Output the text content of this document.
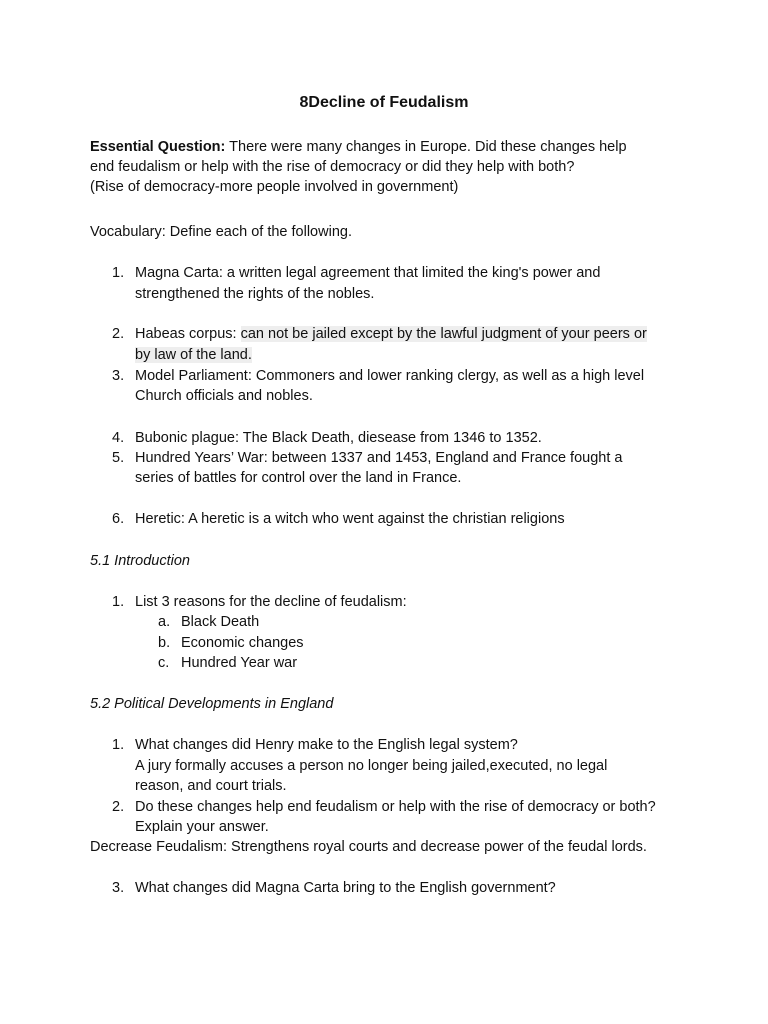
8Decline of Feudalism
Essential Question: There were many changes in Europe. Did these changes help
end feudalism or help with the rise of democracy or did they help with both?
(Rise of democracy-more people involved in government)
Vocabulary: Define each of the following.
1. Magna Carta: a written legal agreement that limited the king's power and
strengthened the rights of the nobles.
2. Habeas corpus: can not be jailed except by the lawful judgment of your peers or
by law of the land.
3. Model Parliament: Commoners and lower ranking clergy, as well as a high level
Church officials and nobles.
4. Bubonic plague: The Black Death, diesease from 1346 to 1352.
5. Hundred Years’ War: between 1337 and 1453, England and France fought a
series of battles for control over the land in France.
6. Heretic: A heretic is a witch who went against the christian religions
5.1 Introduction
1. List 3 reasons for the decline of feudalism:
a. Black Death
b. Economic changes
c. Hundred Year war
5.2 Political Developments in England
1. What changes did Henry make to the English legal system?
A jury formally accuses a person no longer being jailed,executed, no legal
reason, and court trials.
2. Do these changes help end feudalism or help with the rise of democracy or both?
Explain your answer.
Decrease Feudalism: Strengthens royal courts and decrease power of the feudal lords.
3. What changes did Magna Carta bring to the English government?
